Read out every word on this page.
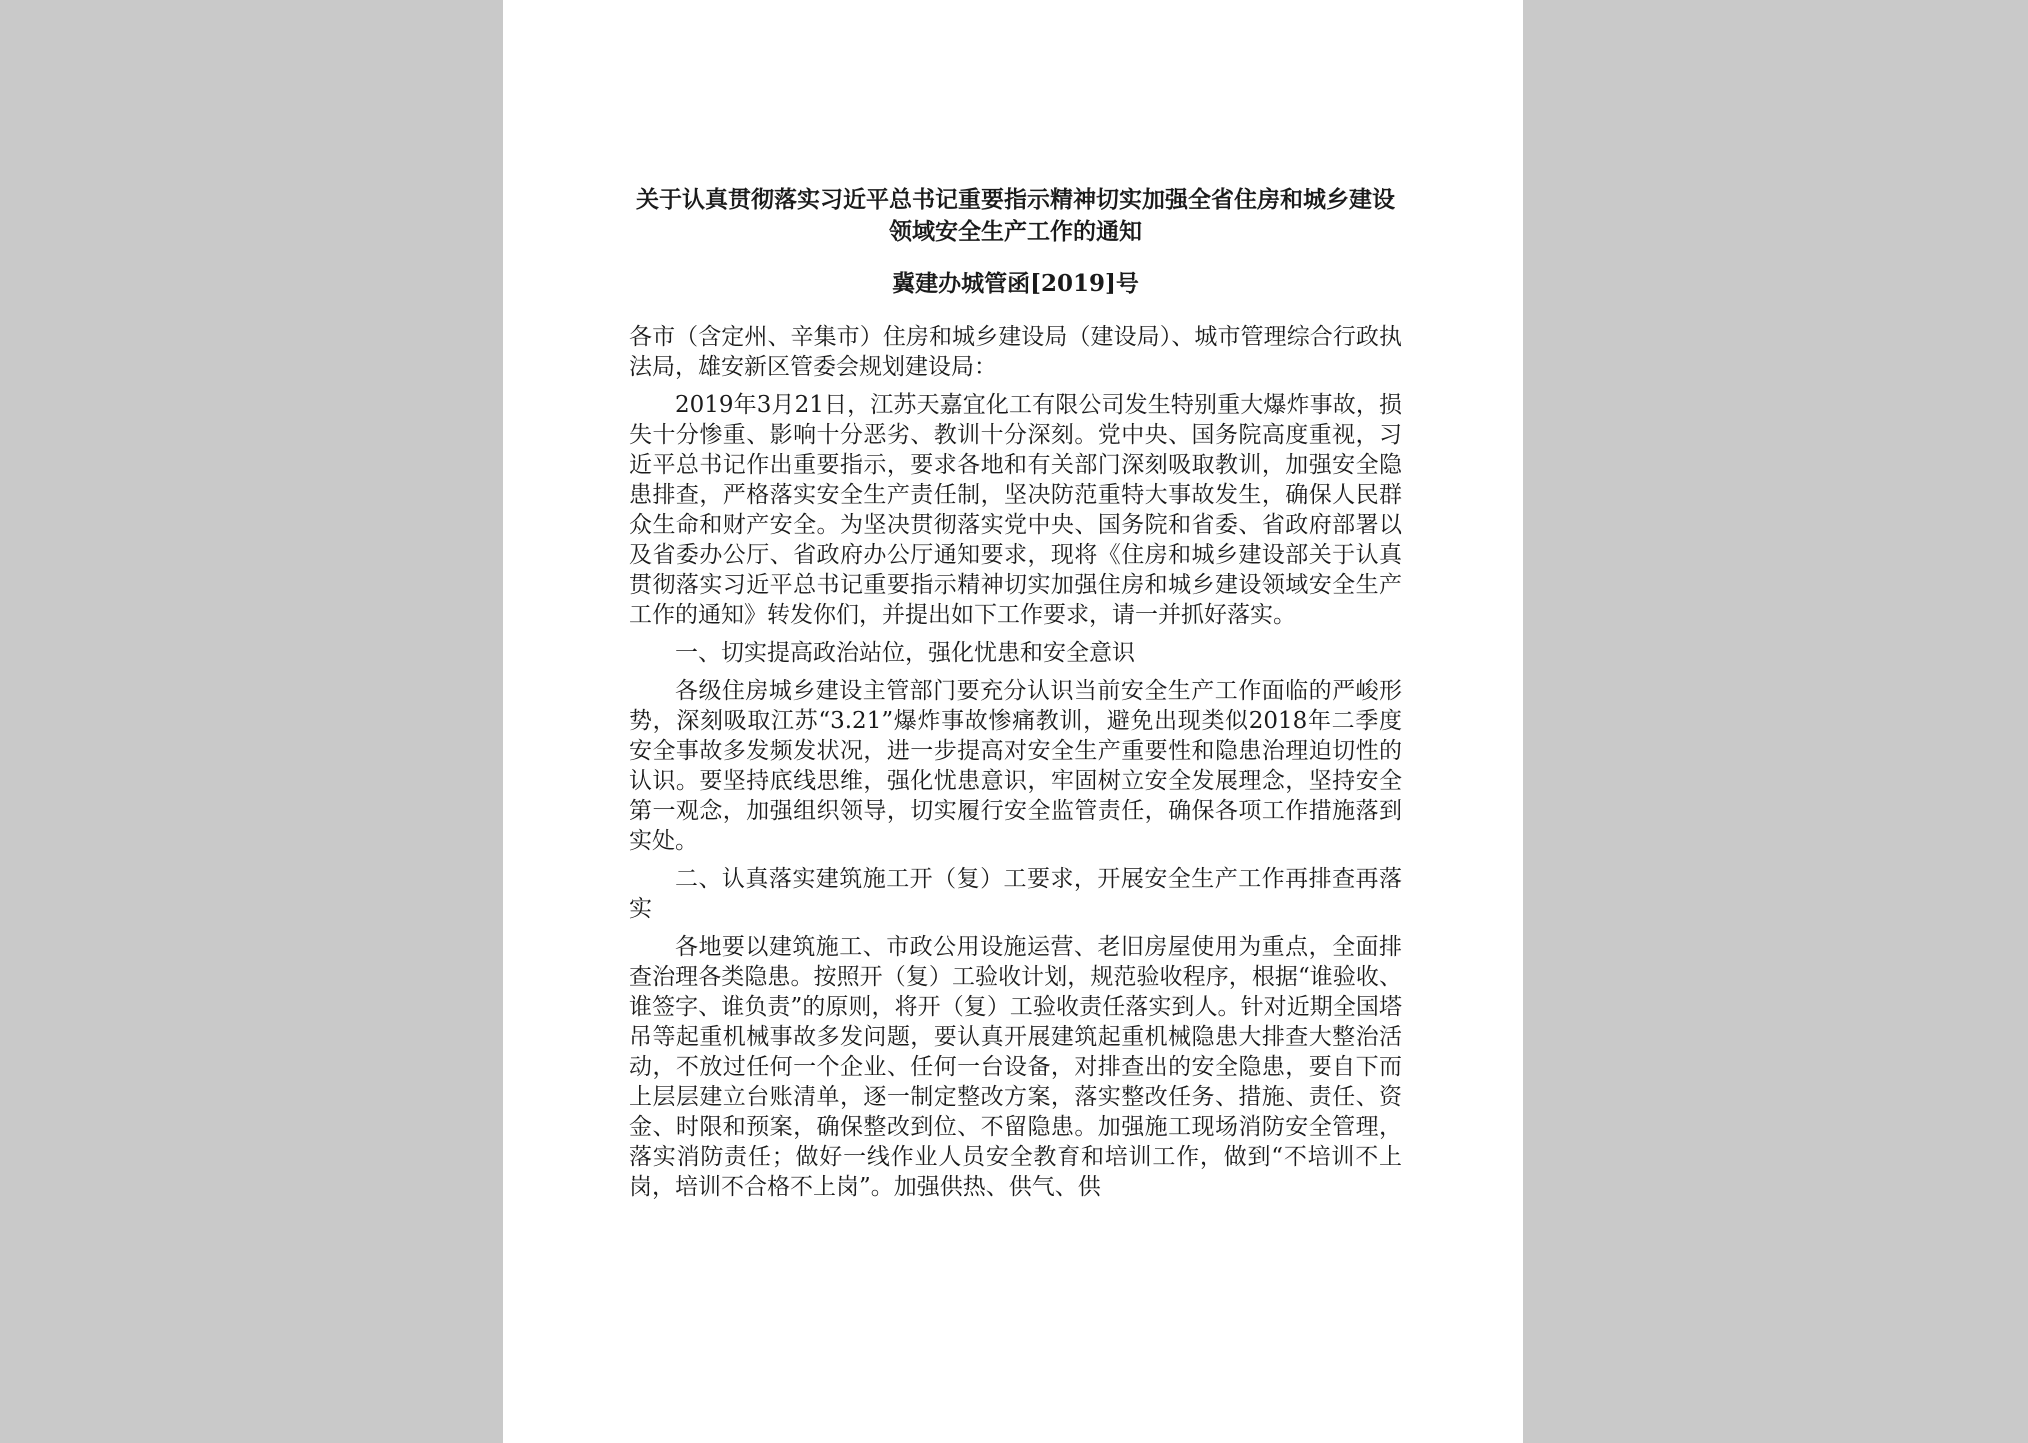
关于认真贯彻落实习近平总书记重要指示精神切实加强全省住房和城乡建设领域安全生产工作的通知
冀建办城管函[2019]号

各市（含定州、辛集市）住房和城乡建设局（建设局）、城市管理综合行政执法局，雄安新区管委会规划建设局：

2019年3月21日，江苏天嘉宜化工有限公司发生特别重大爆炸事故，损失十分惨重、影响十分恶劣、教训十分深刻。党中央、国务院高度重视，习近平总书记作出重要指示，要求各地和有关部门深刻吸取教训，加强安全隐患排查，严格落实安全生产责任制，坚决防范重特大事故发生，确保人民群众生命和财产安全。为坚决贯彻落实党中央、国务院和省委、省政府部署以及省委办公厅、省政府办公厅通知要求，现将《住房和城乡建设部关于认真贯彻落实习近平总书记重要指示精神切实加强住房和城乡建设领域安全生产工作的通知》转发你们，并提出如下工作要求，请一并抓好落实。

一、切实提高政治站位，强化忧患和安全意识

各级住房城乡建设主管部门要充分认识当前安全生产工作面临的严峻形势，深刻吸取江苏“3.21”爆炸事故惨痛教训，避免出现类似2018年二季度安全事故多发频发状况，进一步提高对安全生产重要性和隐患治理迫切性的认识。要坚持底线思维，强化忧患意识，牢固树立安全发展理念，坚持安全第一观念，加强组织领导，切实履行安全监管责任，确保各项工作措施落到实处。

二、认真落实建筑施工开（复）工要求，开展安全生产工作再排查再落实

各地要以建筑施工、市政公用设施运营、老旧房屋使用为重点，全面排查治理各类隐患。按照开（复）工验收计划，规范验收程序，根据“谁验收、谁签字、谁负责”的原则，将开（复）工验收责任落实到人。针对近期全国塔吊等起重机械事故多发问题，要认真开展建筑起重机械隐患大排查大整治活动，不放过任何一个企业、任何一台设备，对排查出的安全隐患，要自下而上层层建立台账清单，逐一制定整改方案，落实整改任务、措施、责任、资金、时限和预案，确保整改到位、不留隐患。加强施工现场消防安全管理，落实消防责任；做好一线作业人员安全教育和培训工作，做到“不培训不上岗，培训不合格不上岗”。加强供热、供气、供
